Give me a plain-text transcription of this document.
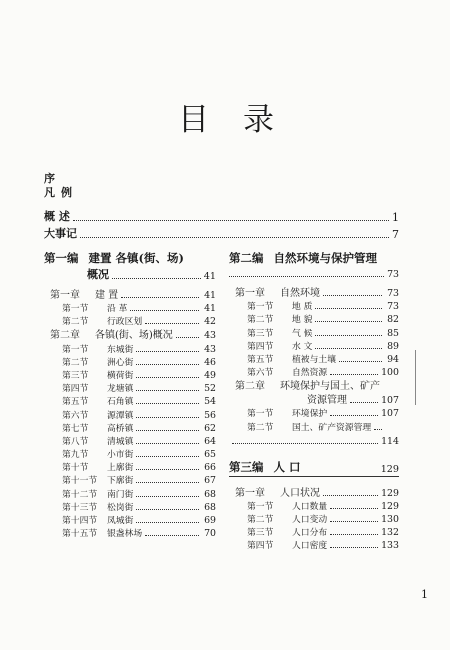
目录
序
凡例
概 述	1
大事记	7
第一编 建置 各镇(街、场)
概况	41
第一章	建 置	41
第一节	沿 革	41
第二节	行政区划	42
第二章	各镇(街、场)概况	43
第一节	东城街	43
第二节	洲心街	46
第三节	横荷街	49
第四节	龙塘镇	52
第五节	石角镇	54
第六节	源潭镇	56
第七节	高桥镇	62
第八节	清城镇	64
第九节	小市街	65
第十节	上廓街	66
第十一节	下廓街	67
第十二节	南门街	68
第十三节	松岗街	68
第十四节	凤城街	69
第十五节	银盏林场	70
第二编 自然环境与保护管理
73
第一章	自然环境	73
第一节	地 质	73
第二节	地 貌	82
第三节	气 候	85
第四节	水 文	89
第五节	植被与土壤	94
第六节	自然资源	100
第二章	环境保护与国土、矿产
资源管理	107
第一节	环境保护	107
第二节	国土、矿产资源管理
114
第三编 人 口	129
第一章	人口状况	129
第一节	人口数量	129
第二节	人口变动	130
第三节	人口分布	132
第四节	人口密度	133
1
